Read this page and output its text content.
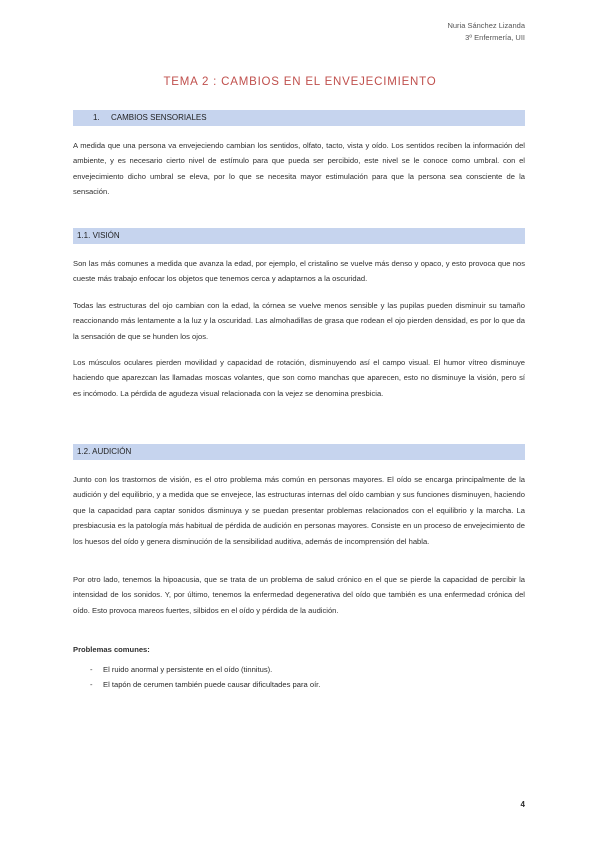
Nuria Sánchez Lizanda
3º Enfermería, UII
TEMA 2 : CAMBIOS EN EL ENVEJECIMIENTO
1. CAMBIOS SENSORIALES
A medida que una persona va envejeciendo cambian los sentidos, olfato, tacto, vista y oído. Los sentidos reciben la información del ambiente, y es necesario cierto nivel de estímulo para que pueda ser percibido, este nivel se le conoce como umbral. con el envejecimiento dicho umbral se eleva, por lo que se necesita mayor estimulación para que la persona sea consciente de la sensación.
1.1. VISIÓN
Son las más comunes a medida que avanza la edad, por ejemplo, el cristalino se vuelve más denso y opaco, y esto provoca que nos cueste más trabajo enfocar los objetos que tenemos cerca y adaptarnos a la oscuridad.
Todas las estructuras del ojo cambian con la edad, la córnea se vuelve menos sensible y las pupilas pueden disminuir su tamaño reaccionando más lentamente a la luz y la oscuridad. Las almohadillas de grasa que rodean el ojo pierden densidad, es por lo que da la sensación de que se hunden los ojos.
Los músculos oculares pierden movilidad y capacidad de rotación, disminuyendo así el campo visual. El humor vítreo disminuye haciendo que aparezcan las llamadas moscas volantes, que son como manchas que aparecen, esto no disminuye la visión, pero sí es incómodo. La pérdida de agudeza visual relacionada con la vejez se denomina presbicia.
1.2. AUDICIÓN
Junto con los trastornos de visión, es el otro problema más común en personas mayores. El oído se encarga principalmente de la audición y del equilibrio, y a medida que se envejece, las estructuras internas del oído cambian y sus funciones disminuyen, haciendo que la capacidad para captar sonidos disminuya y se puedan presentar problemas relacionados con el equilibrio y la marcha. La presbiacusia es la patología más habitual de pérdida de audición en personas mayores. Consiste en un proceso de envejecimiento de los huesos del oído y genera disminución de la sensibilidad auditiva, además de incomprensión del habla.
Por otro lado, tenemos la hipoacusia, que se trata de un problema de salud crónico en el que se pierde la capacidad de percibir la intensidad de los sonidos. Y, por último, tenemos la enfermedad degenerativa del oído que también es una enfermedad crónica del oído. Esto provoca mareos fuertes, silbidos en el oído y pérdida de la audición.
Problemas comunes:
- El ruido anormal y persistente en el oído (tinnitus).
- El tapón de cerumen también puede causar dificultades para oír.
4
